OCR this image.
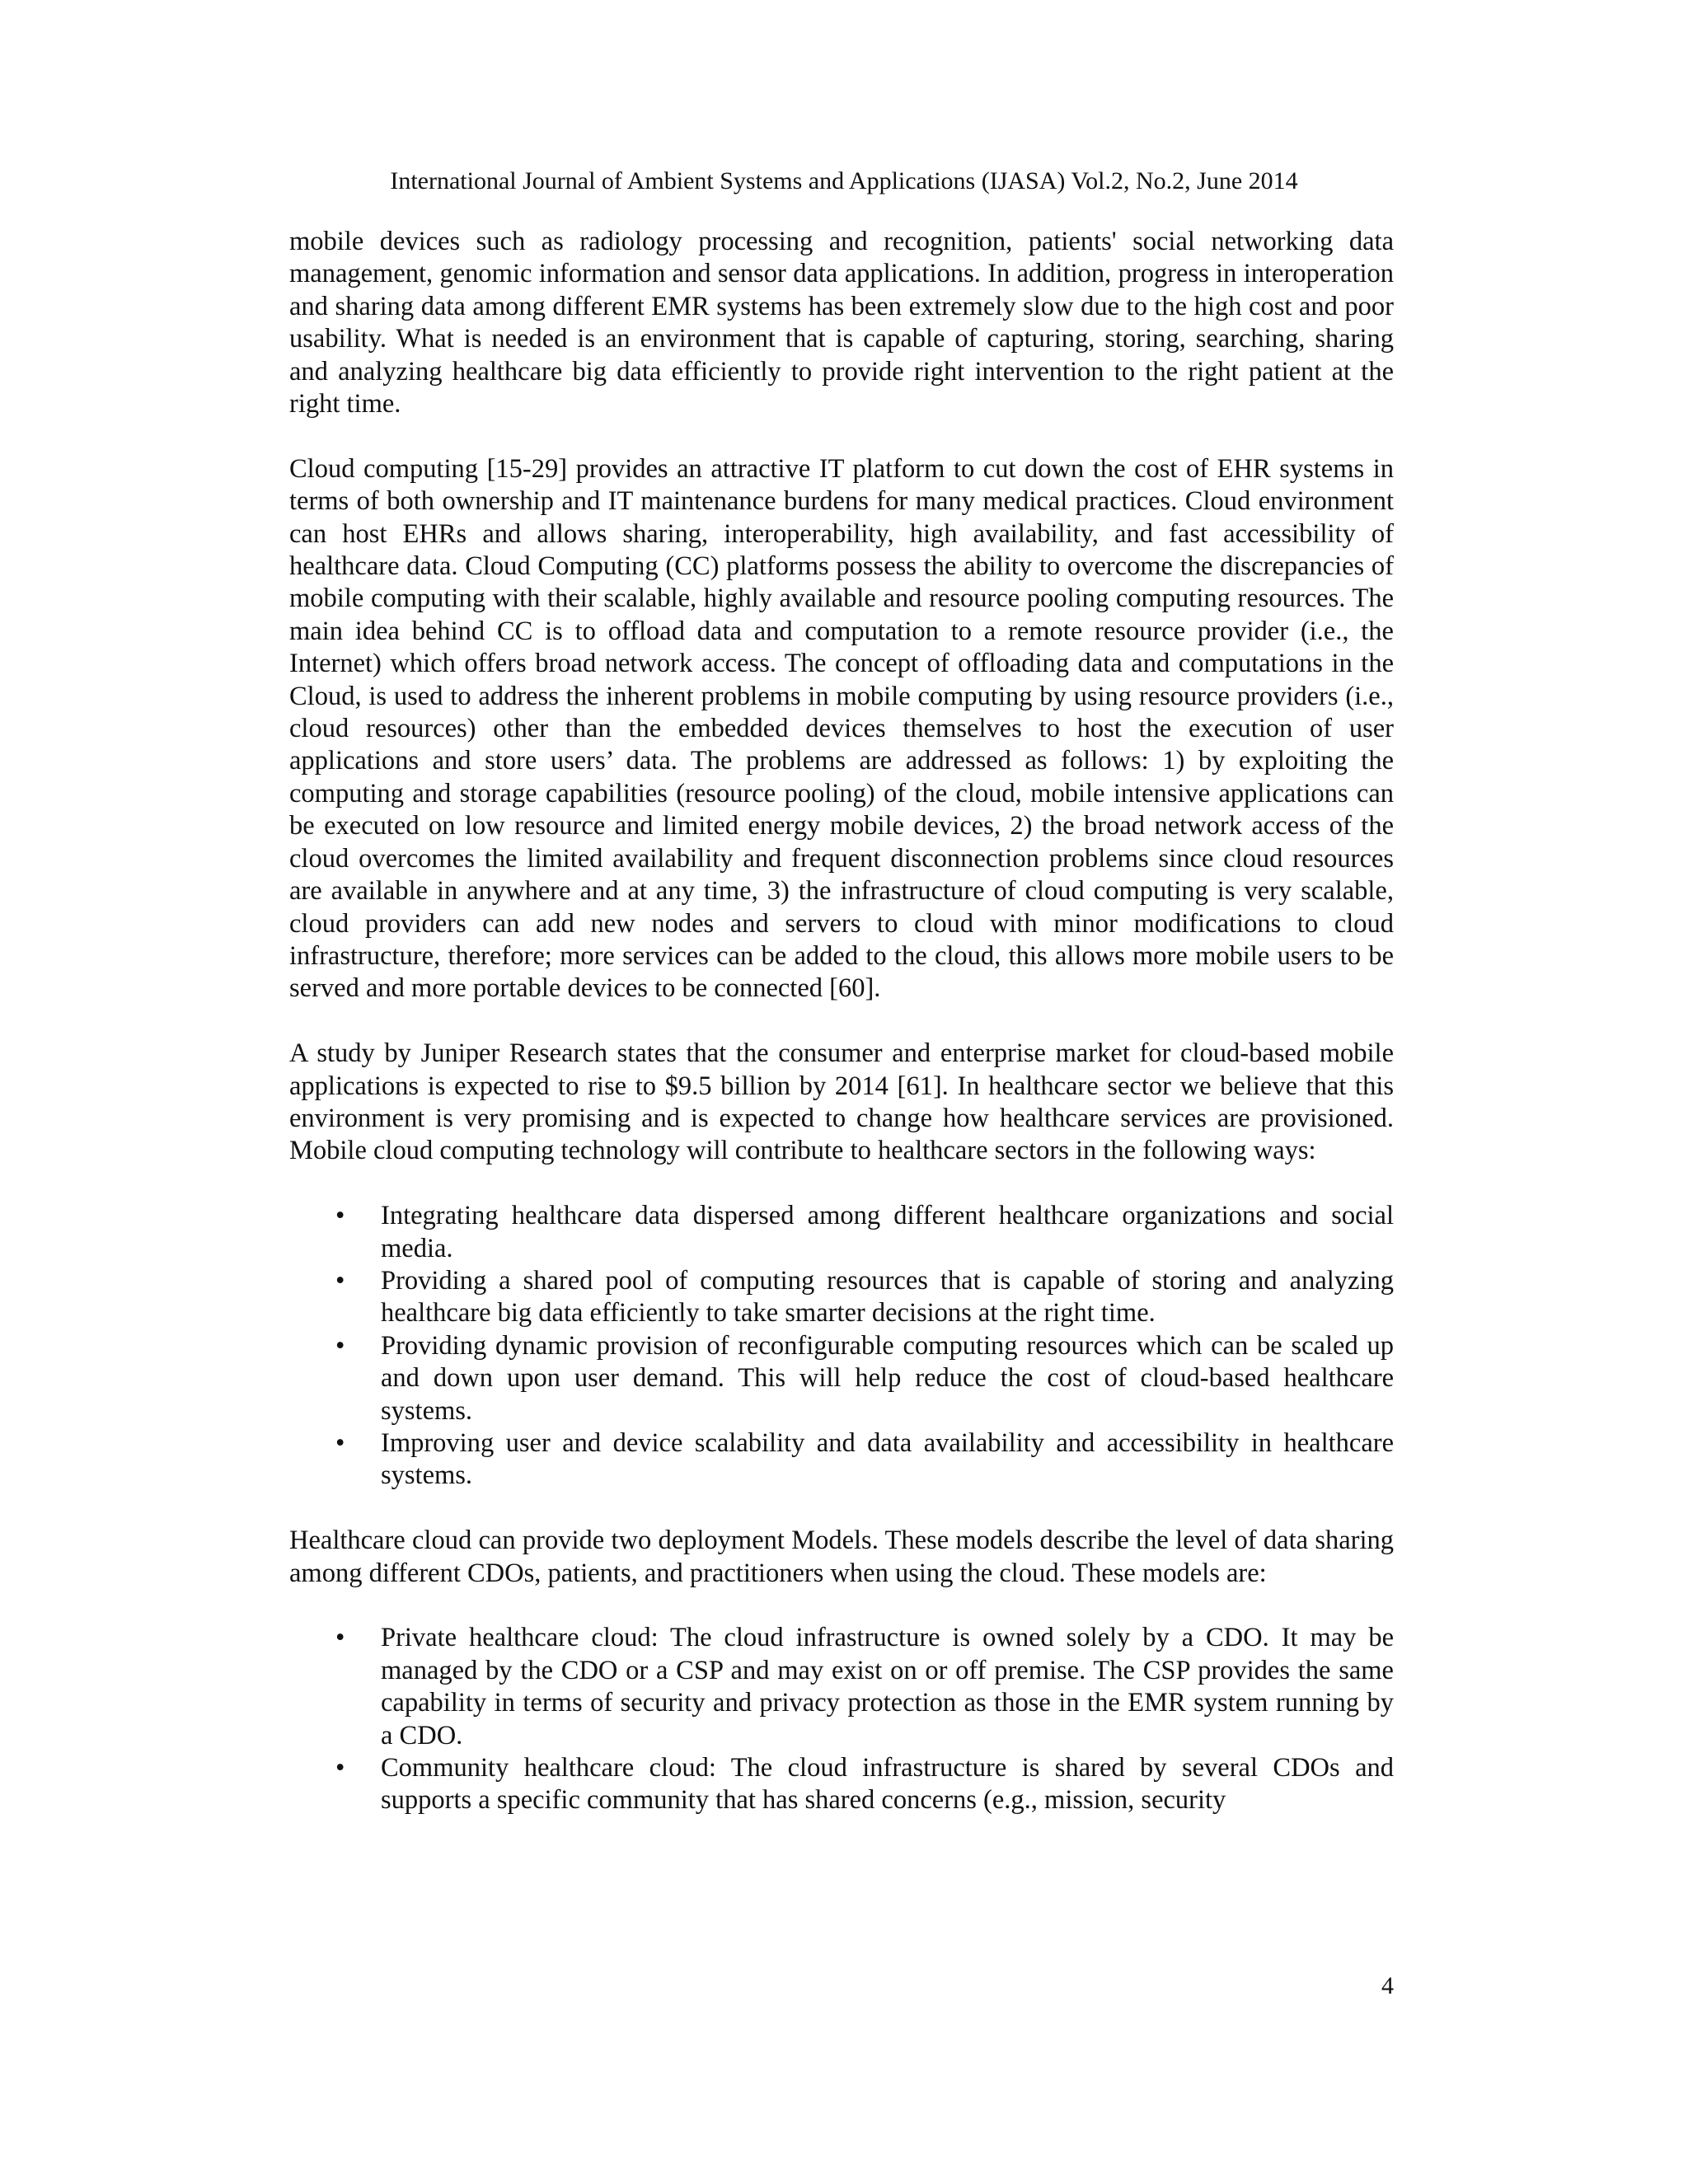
International Journal of Ambient Systems and Applications (IJASA) Vol.2, No.2, June 2014

mobile devices such as radiology processing and recognition, patients' social networking data management, genomic information and sensor data applications. In addition, progress in interoperation and sharing data among different EMR systems has been extremely slow due to the high cost and poor usability. What is needed is an environment that is capable of capturing, storing, searching, sharing and analyzing healthcare big data efficiently to provide right intervention to the right patient at the right time.

Cloud computing [15-29] provides an attractive IT platform to cut down the cost of EHR systems in terms of both ownership and IT maintenance burdens for many medical practices. Cloud environment can host EHRs and allows sharing, interoperability, high availability, and fast accessibility of healthcare data. Cloud Computing (CC) platforms possess the ability to overcome the discrepancies of mobile computing with their scalable, highly available and resource pooling computing resources. The main idea behind CC is to offload data and computation to a remote resource provider (i.e., the Internet) which offers broad network access. The concept of offloading data and computations in the Cloud, is used to address the inherent problems in mobile computing by using resource providers (i.e., cloud resources) other than the embedded devices themselves to host the execution of user applications and store users’ data. The problems are addressed as follows: 1) by exploiting the computing and storage capabilities (resource pooling) of the cloud, mobile intensive applications can be executed on low resource and limited energy mobile devices, 2) the broad network access of the cloud overcomes the limited availability and frequent disconnection problems since cloud resources are available in anywhere and at any time, 3) the infrastructure of cloud computing is very scalable, cloud providers can add new nodes and servers to cloud with minor modifications to cloud infrastructure, therefore; more services can be added to the cloud, this allows more mobile users to be served and more portable devices to be connected [60].

A study by Juniper Research states that the consumer and enterprise market for cloud-based mobile applications is expected to rise to $9.5 billion by 2014 [61]. In healthcare sector we believe that this environment is very promising and is expected to change how healthcare services are provisioned. Mobile cloud computing technology will contribute to healthcare sectors in the following ways:

• Integrating healthcare data dispersed among different healthcare organizations and social media.
• Providing a shared pool of computing resources that is capable of storing and analyzing healthcare big data efficiently to take smarter decisions at the right time.
• Providing dynamic provision of reconfigurable computing resources which can be scaled up and down upon user demand. This will help reduce the cost of cloud-based healthcare systems.
• Improving user and device scalability and data availability and accessibility in healthcare systems.

Healthcare cloud can provide two deployment Models. These models describe the level of data sharing among different CDOs, patients, and practitioners when using the cloud. These models are:

• Private healthcare cloud: The cloud infrastructure is owned solely by a CDO. It may be managed by the CDO or a CSP and may exist on or off premise. The CSP provides the same capability in terms of security and privacy protection as those in the EMR system running by a CDO.
• Community healthcare cloud: The cloud infrastructure is shared by several CDOs and supports a specific community that has shared concerns (e.g., mission, security
4
